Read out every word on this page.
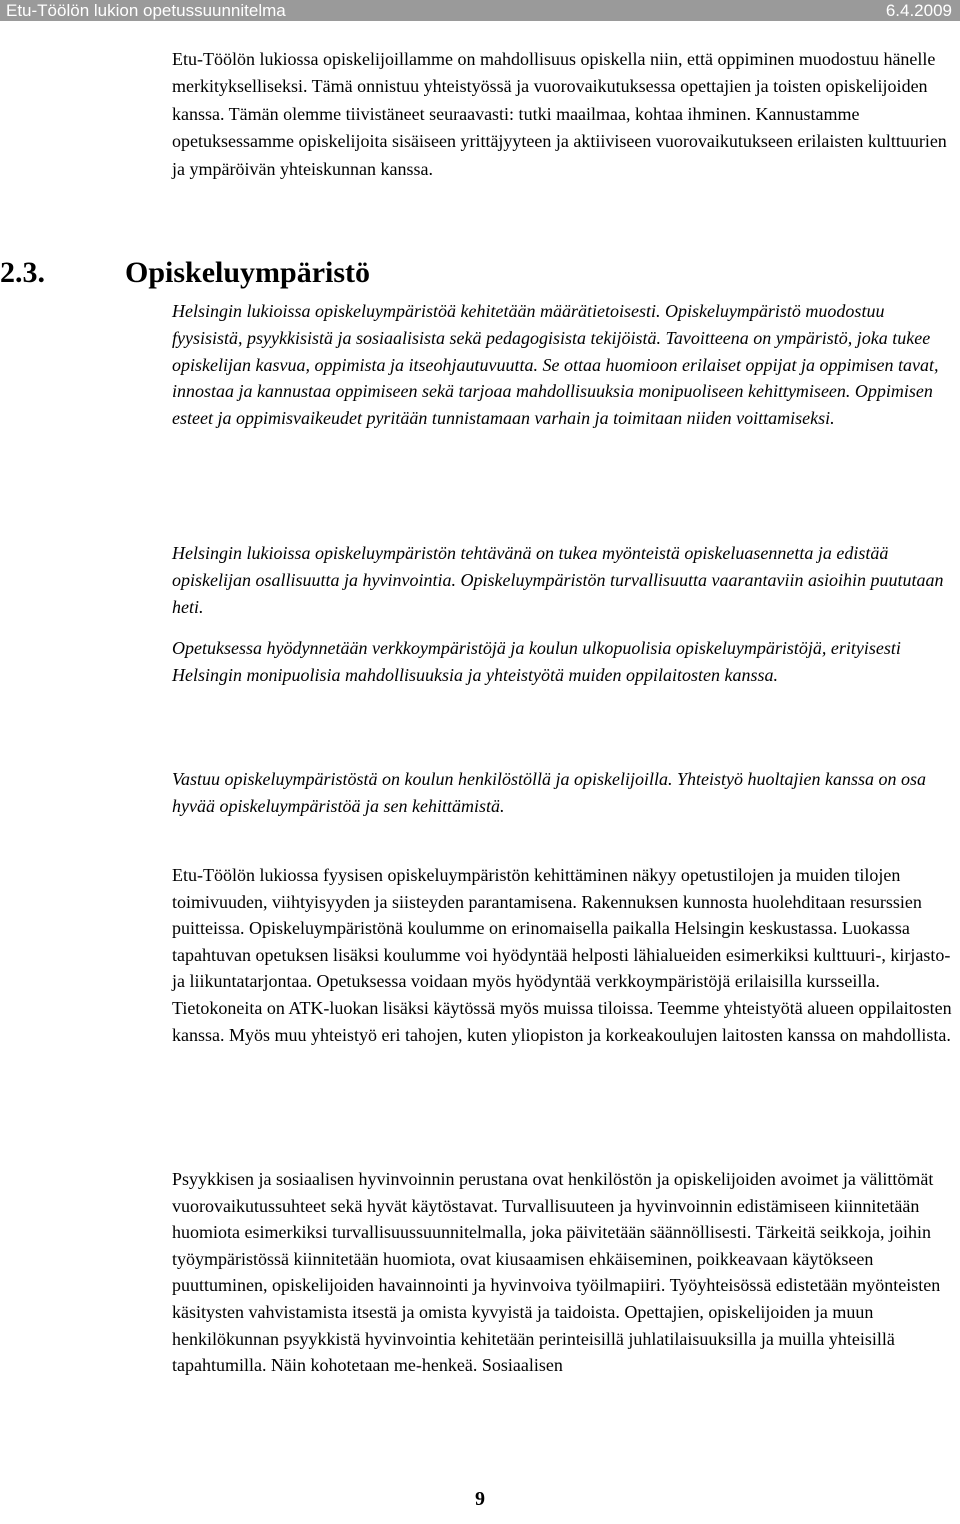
Etu-Töölön lukion opetussuunnitelma	6.4.2009

Etu-Töölön lukiossa opiskelijoillamme on mahdollisuus opiskella niin, että oppiminen muodostuu hänelle merkitykselliseksi. Tämä onnistuu yhteistyössä ja vuorovaikutuksessa opettajien ja toisten opiskelijoiden kanssa. Tämän olemme tiivistäneet seuraavasti: tutki maailmaa, kohtaa ihminen. Kannustamme opetuksessamme opiskelijoita sisäiseen yrittäjyyteen ja aktiiviseen vuorovaikutukseen erilaisten kulttuurien ja ympäröivän yhteiskunnan kanssa.

2.3.	Opiskeluympäristö

Helsingin lukioissa opiskeluympäristöä kehitetään määrätietoisesti. Opiskeluympäristö muodostuu fyysisistä, psyykkisistä ja sosiaalisista sekä pedagogisista tekijöistä. Tavoitteena on ympäristö, joka tukee opiskelijan kasvua, oppimista ja itseohjautuvuutta. Se ottaa huomioon erilaiset oppijat ja oppimisen tavat, innostaa ja kannustaa oppimiseen sekä tarjoaa mahdollisuuksia monipuoliseen kehittymiseen. Oppimisen esteet ja oppimisvaikeudet pyritään tunnistamaan varhain ja toimitaan niiden voittamiseksi.

Helsingin lukioissa opiskeluympäristön tehtävänä on tukea myönteistä opiskeluasennetta ja edistää opiskelijan osallisuutta ja hyvinvointia. Opiskeluympäristön turvallisuutta vaarantaviin asioihin puututaan heti.

Opetuksessa hyödynnetään verkkoympäristöjä ja koulun ulkopuolisia opiskeluympäristöjä, erityisesti Helsingin monipuolisia mahdollisuuksia ja yhteistyötä muiden oppilaitosten kanssa.

Vastuu opiskeluympäristöstä on koulun henkilöstöllä ja opiskelijoilla. Yhteistyö huoltajien kanssa on osa hyvää opiskeluympäristöä ja sen kehittämistä.

Etu-Töölön lukiossa fyysisen opiskeluympäristön kehittäminen näkyy opetustilojen ja muiden tilojen toimivuuden, viihtyisyyden ja siisteyden parantamisena. Rakennuksen kunnosta huolehditaan resurssien puitteissa. Opiskeluympäristönä koulumme on erinomaisella paikalla Helsingin keskustassa. Luokassa tapahtuvan opetuksen lisäksi koulumme voi hyödyntää helposti lähialueiden esimerkiksi kulttuuri-, kirjasto- ja liikuntatarjontaa. Opetuksessa voidaan myös hyödyntää verkkoympäristöjä erilaisilla kursseilla. Tietokoneita on ATK-luokan lisäksi käytössä myös muissa tiloissa. Teemme yhteistyötä alueen oppilaitosten kanssa. Myös muu yhteistyö eri tahojen, kuten yliopiston ja korkeakoulujen laitosten kanssa on mahdollista.

Psyykkisen ja sosiaalisen hyvinvoinnin perustana ovat henkilöstön ja opiskelijoiden avoimet ja välittömät vuorovaikutussuhteet sekä hyvät käytöstavat. Turvallisuuteen ja hyvinvoinnin edistämiseen kiinnitetään huomiota esimerkiksi turvallisuussuunnitelmalla, joka päivitetään säännöllisesti. Tärkeitä seikkoja, joihin työympäristössä kiinnitetään huomiota, ovat kiusaamisen ehkäiseminen, poikkeavaan käytökseen puuttuminen, opiskelijoiden havainnointi ja hyvinvoiva työilmapiiri. Työyhteisössä edistetään myönteisten käsitysten vahvistamista itsestä ja omista kyvyistä ja taidoista. Opettajien, opiskelijoiden ja muun henkilökunnan psyykkistä hyvinvointia kehitetään perinteisillä juhlatilaisuuksilla ja muilla yhteisillä tapahtumilla. Näin kohotetaan me-henkeä. Sosiaalisen

9
